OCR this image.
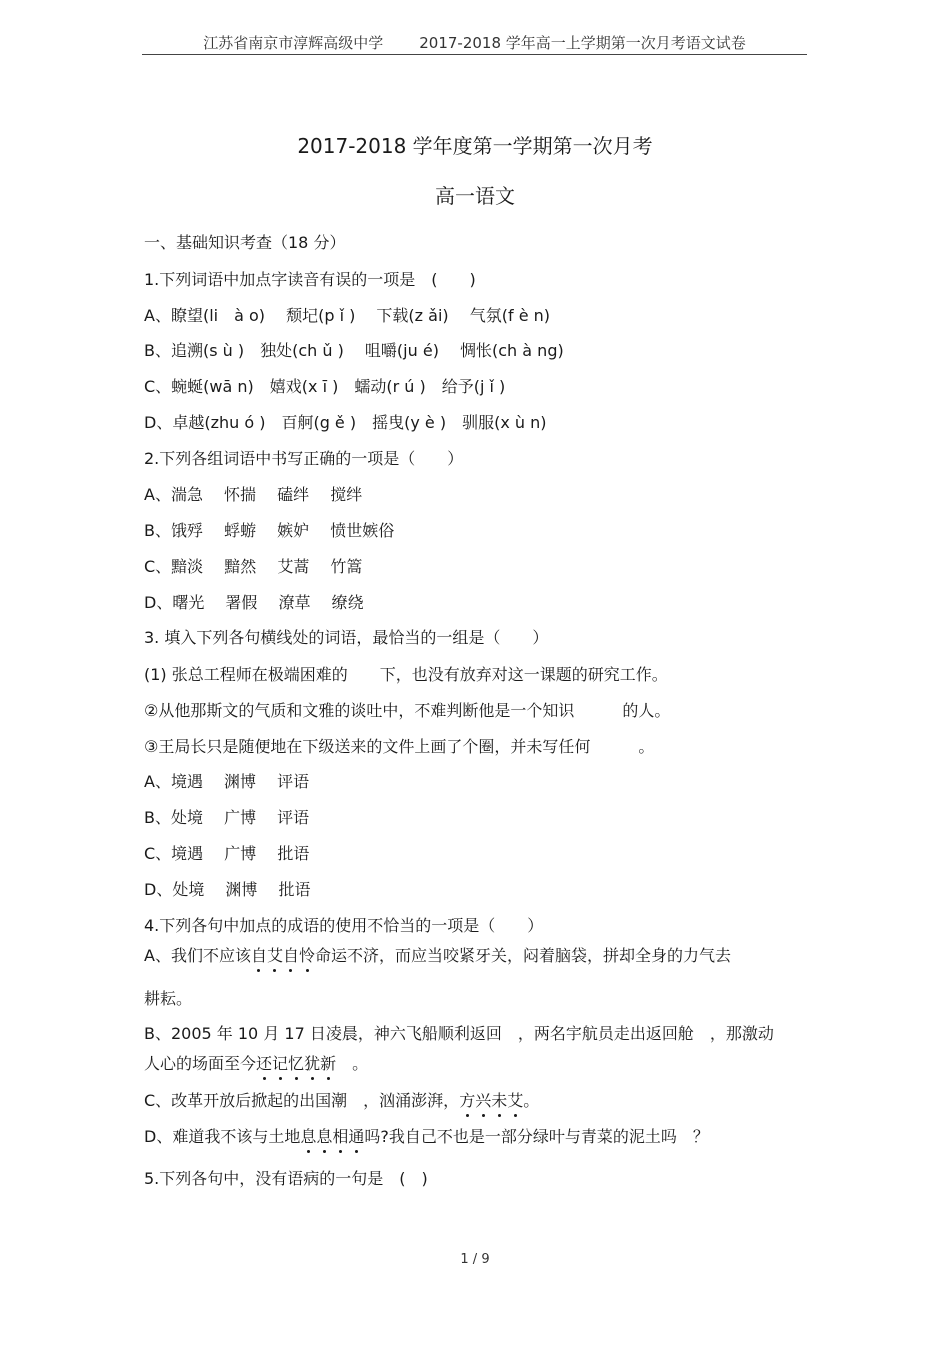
江苏省南京市淳辉高级中学 2017-2018 学年高一上学期第一次月考语文试卷
2017-2018 学年度第一学期第一次月考
高一语文
一、基础知识考查（18 分）
1.下列词语中加点字读音有误的一项是　(　　)
A、瞭望(li　à o)　 颓圮(p ǐ )　 下载(z ǎi)　 气氛(f è n)
B、追溯(s ù )　独处(ch ǔ )　 咀嚼(ju é)　 惆怅(ch à ng)
C、蜿蜒(wā n)　嬉戏(x ī )　蠕动(r ú )　给予(j ǐ )
D、卓越(zhu ó )　百舸(g ě )　摇曳(y è )　驯服(x ù n)
2.下列各组词语中书写正确的一项是（　　）
A、湍急　 怀揣　 磕绊　 搅绊
B、饿殍　 蜉蝣　 嫉妒　 愤世嫉俗
C、黯淡　 黯然　 艾蒿　 竹篙
D、曙光　 署假　 潦草　 缭绕
3. 填入下列各句横线处的词语，最恰当的一组是（　　）
(1) 张总工程师在极端困难的　　下，也没有放弃对这一课题的研究工作。
②从他那斯文的气质和文雅的谈吐中，不难判断他是一个知识　　　的人。
③王局长只是随便地在下级送来的文件上画了个圈，并未写任何　　　。
A、境遇　 渊博　 评语
B、处境　 广博　 评语
C、境遇　 广博　 批语
D、处境　 渊博　 批语
4.下列各句中加点的成语的使用不恰当的一项是（　　）
A、我们不应该自艾自怜命运不济，而应当咬紧牙关，闷着脑袋，拼却全身的力气去
耕耘。
B、2005 年 10 月 17 日凌晨，神六飞船顺利返回　，两名宇航员走出返回舱　，那激动
人心的场面至今还记忆犹新　。
C、改革开放后掀起的出国潮　，汹涌澎湃，方兴未艾。
D、难道我不该与土地息息相通吗?我自己不也是一部分绿叶与青菜的泥土吗　？
5.下列各句中，没有语病的一句是　(　)
1 / 9
